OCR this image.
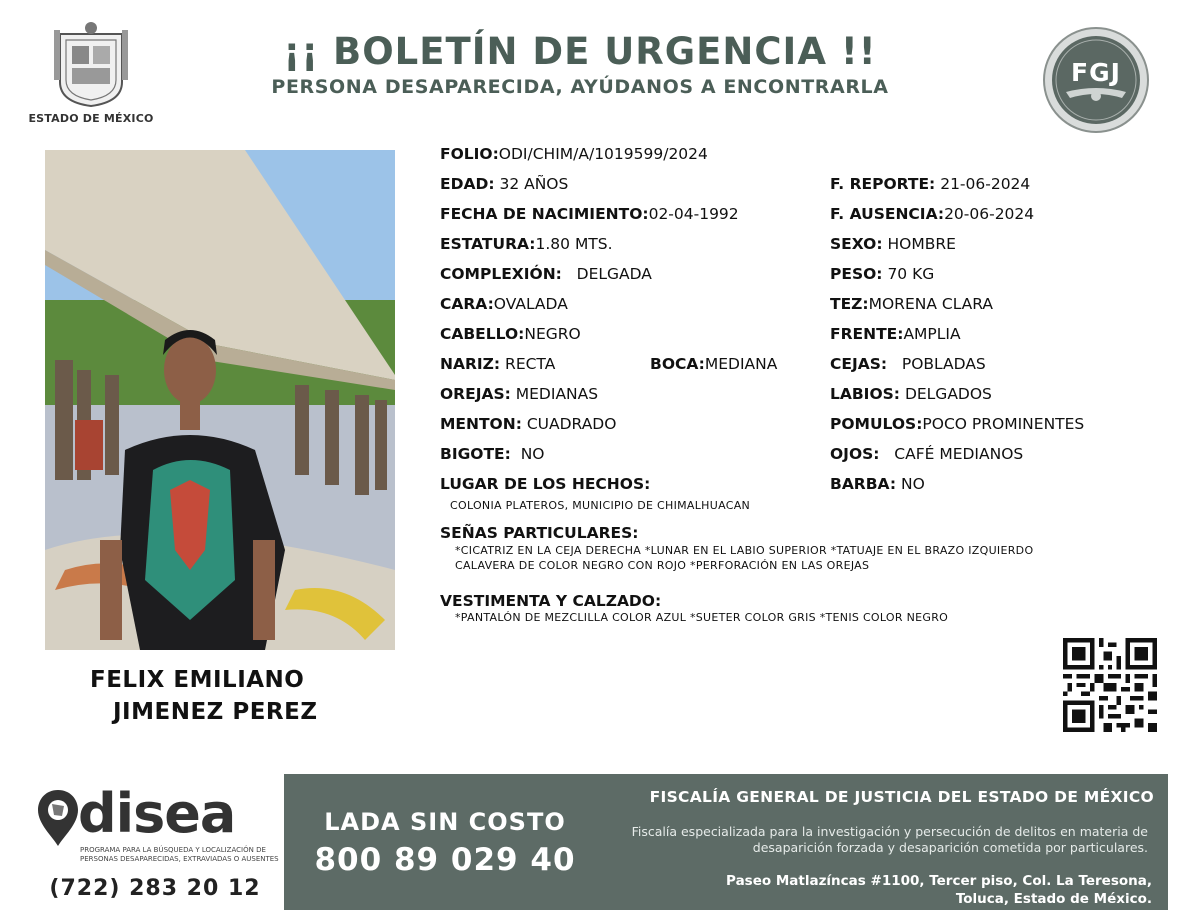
ESTADO DE MÉXICO
¡¡ BOLETÍN DE URGENCIA !!
PERSONA DESAPARECIDA, AYÚDANOS A ENCONTRARLA	FGJ
FELIX EMILIANO
JIMENEZ PEREZ
FOLIO:ODI/CHIM/A/1019599/2024
EDAD: 32 AÑOS
FECHA DE NACIMIENTO:02-04-1992
ESTATURA:1.80 MTS.
COMPLEXIÓN: DELGADA
CARA:OVALADA
CABELLO:NEGRO
NARIZ: RECTA	BOCA:MEDIANA
OREJAS: MEDIANAS
MENTON: CUADRADO
BIGOTE: NO
LUGAR DE LOS HECHOS:
COLONIA PLATEROS, MUNICIPIO DE CHIMALHUACAN
F. REPORTE: 21-06-2024
F. AUSENCIA:20-06-2024
SEXO: HOMBRE
PESO: 70 KG
TEZ:MORENA CLARA
FRENTE:AMPLIA
CEJAS: POBLADAS
LABIOS: DELGADOS
POMULOS:POCO PROMINENTES
OJOS: CAFÉ MEDIANOS
BARBA: NO
SEÑAS PARTICULARES:
*CICATRIZ EN LA CEJA DERECHA *LUNAR EN EL LABIO SUPERIOR *TATUAJE EN EL BRAZO IZQUIERDO
CALAVERA DE COLOR NEGRO CON ROJO *PERFORACIÓN EN LAS OREJAS
VESTIMENTA Y CALZADO:
*PANTALÓN DE MEZCLILLA COLOR AZUL *SUETER COLOR GRIS *TENIS COLOR NEGRO
disea
PROGRAMA PARA LA BÚSQUEDA Y LOCALIZACIÓN DE PERSONAS DESAPARECIDAS, EXTRAVIADAS O AUSENTES
(722) 283 20 12
LADA SIN COSTO
800 89 029 40
FISCALÍA GENERAL DE JUSTICIA DEL ESTADO DE MÉXICO
Fiscalía especializada para la investigación y persecución de delitos en materia de desaparición forzada y desaparición cometida por particulares.
Paseo Matlazíncas #1100, Tercer piso, Col. La Teresona,
Toluca, Estado de México.
